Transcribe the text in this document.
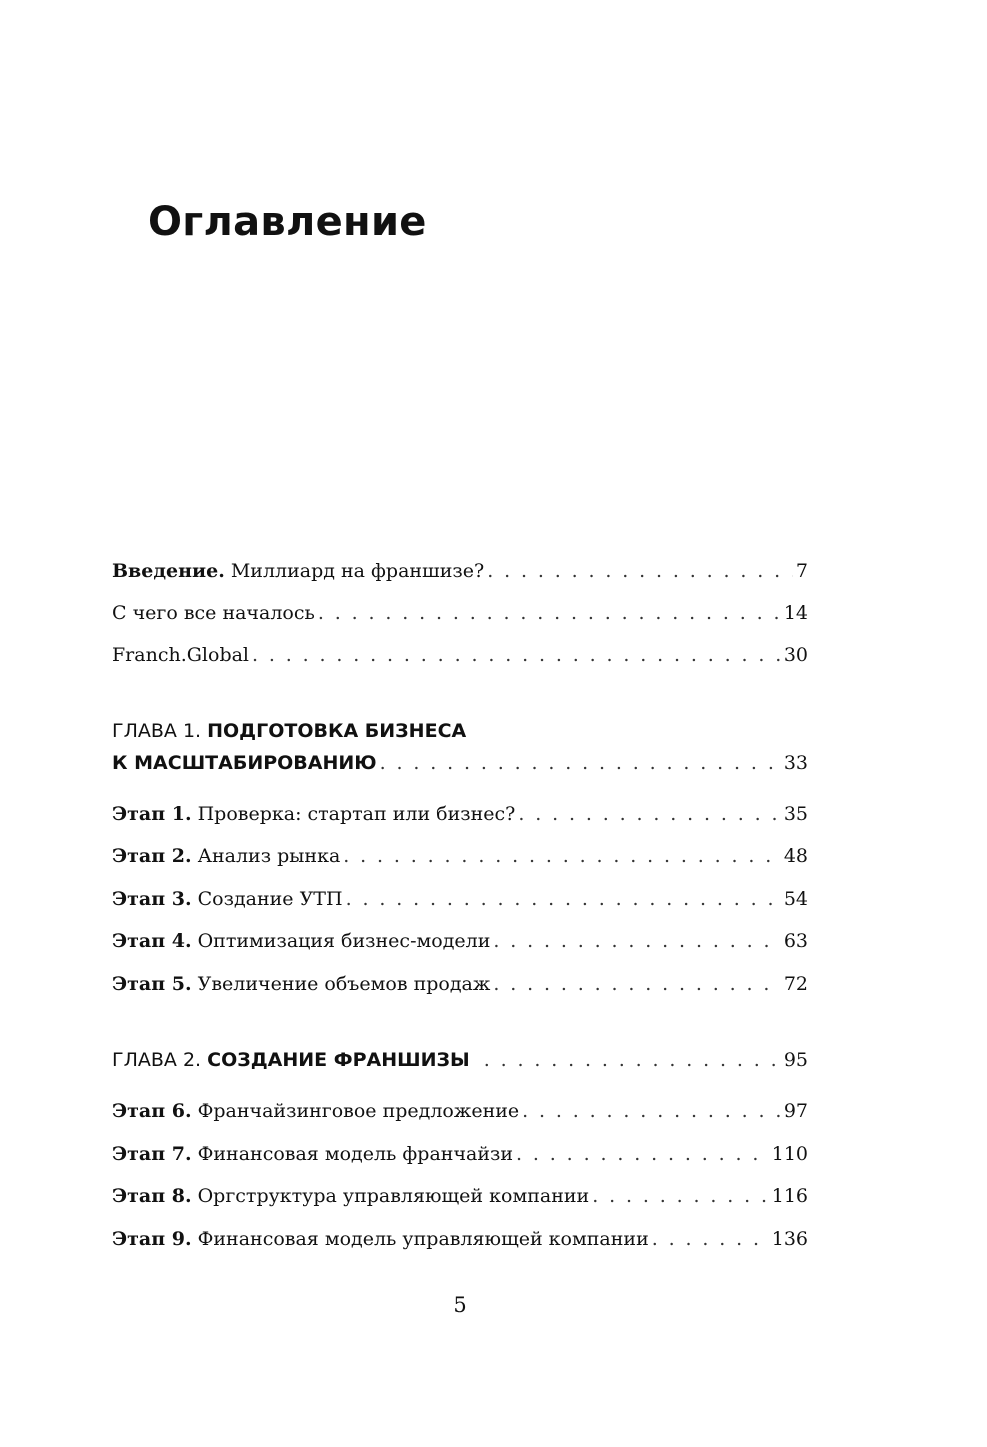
Оглавление
Введение. Миллиард на франшизе? . . .	7
С чего все началось . . .	14
Franch.Global . . .	30
ГЛАВА 1. ПОДГОТОВКА БИЗНЕСА
К МАСШТАБИРОВАНИЮ . . .	33
Этап 1. Проверка: стартап или бизнес? . . .	35
Этап 2. Анализ рынка . . .	48
Этап 3. Создание УТП . . .	54
Этап 4. Оптимизация бизнес-модели . . .	63
Этап 5. Увеличение объемов продаж . . .	72
ГЛАВА 2. СОЗДАНИЕ ФРАНШИЗЫ . . .	95
Этап 6. Франчайзинговое предложение . . .	97
Этап 7. Финансовая модель франчайзи . . .	110
Этап 8. Оргструктура управляющей компании . . .	116
Этап 9. Финансовая модель управляющей компании . . .	136
5
